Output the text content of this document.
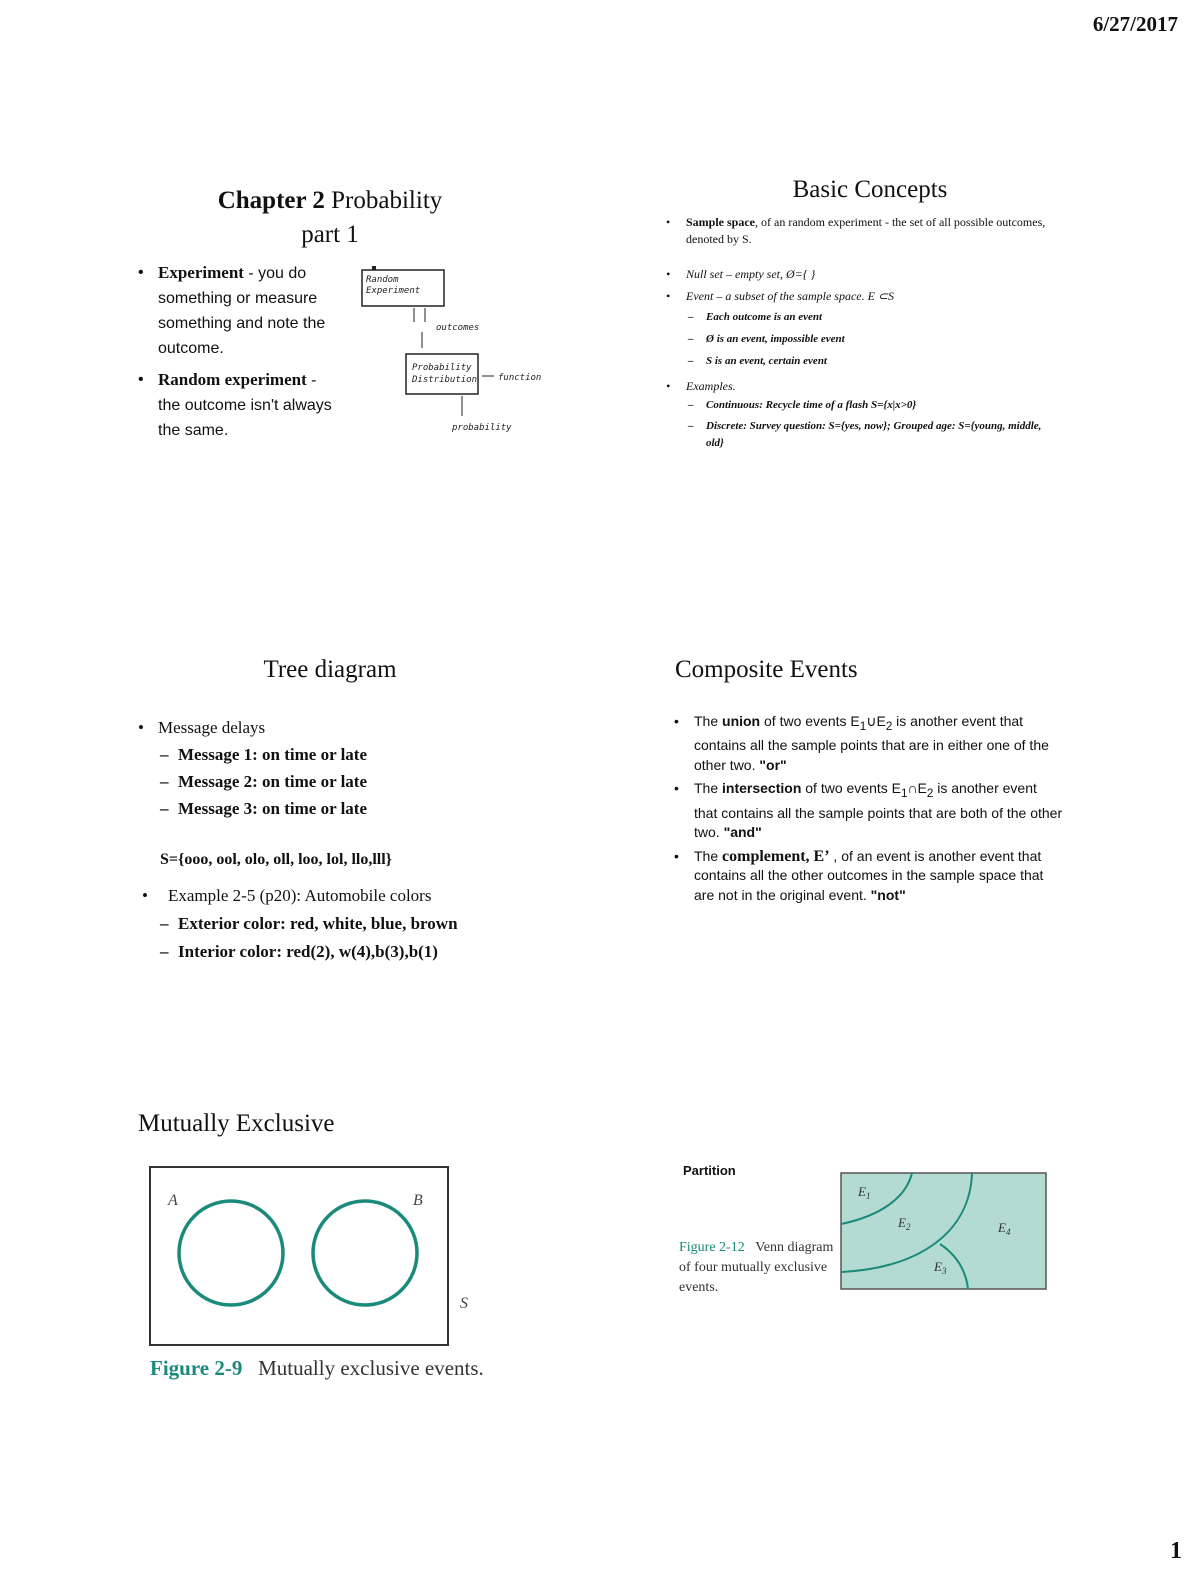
6/27/2017
Chapter 2 Probability
part 1
• Experiment - you do something or measure something and note the outcome.
• Random experiment - the outcome isn't always the same.
Random
Experiment
outcomes
Probability
Distribution function
probability
Basic Concepts
• Sample space, of an random experiment - the set of all possible outcomes, denoted by S.
• Null set – empty set, Ø={ }
• Event – a subset of the sample space. E ⊂S
– Each outcome is an event
– Ø is an event, impossible event
– S is an event, certain event
• Examples.
– Continuous: Recycle time of a flash S={x|x>0}
– Discrete: Survey question: S={yes, now}; Grouped age: S={young, middle, old}
Tree diagram
• Message delays
– Message 1: on time or late
– Message 2: on time or late
– Message 3: on time or late
S={ooo, ool, olo, oll, loo, lol, llo,lll}
• Example 2-5 (p20): Automobile colors
– Exterior color: red, white, blue, brown
– Interior color: red(2), w(4),b(3),b(1)
Composite Events
• The union of two events $E_1\cup E_2$ is another event that contains all the sample points that are in either one of the other two. "or"
• The intersection of two events $E_1\cap E_2$ is another event that contains all the sample points that are both of the other two. "and"
• The complement, E’ , of an event is another event that contains all the other outcomes in the sample space that are not in the original event. "not"
Mutually Exclusive
A	B
S
Figure 2-9 Mutually exclusive events.
Partition
Figure 2-12 Venn diagram of four mutually exclusive events.
$E_1$
$E_2$
$E_3$
$E_4$
1
